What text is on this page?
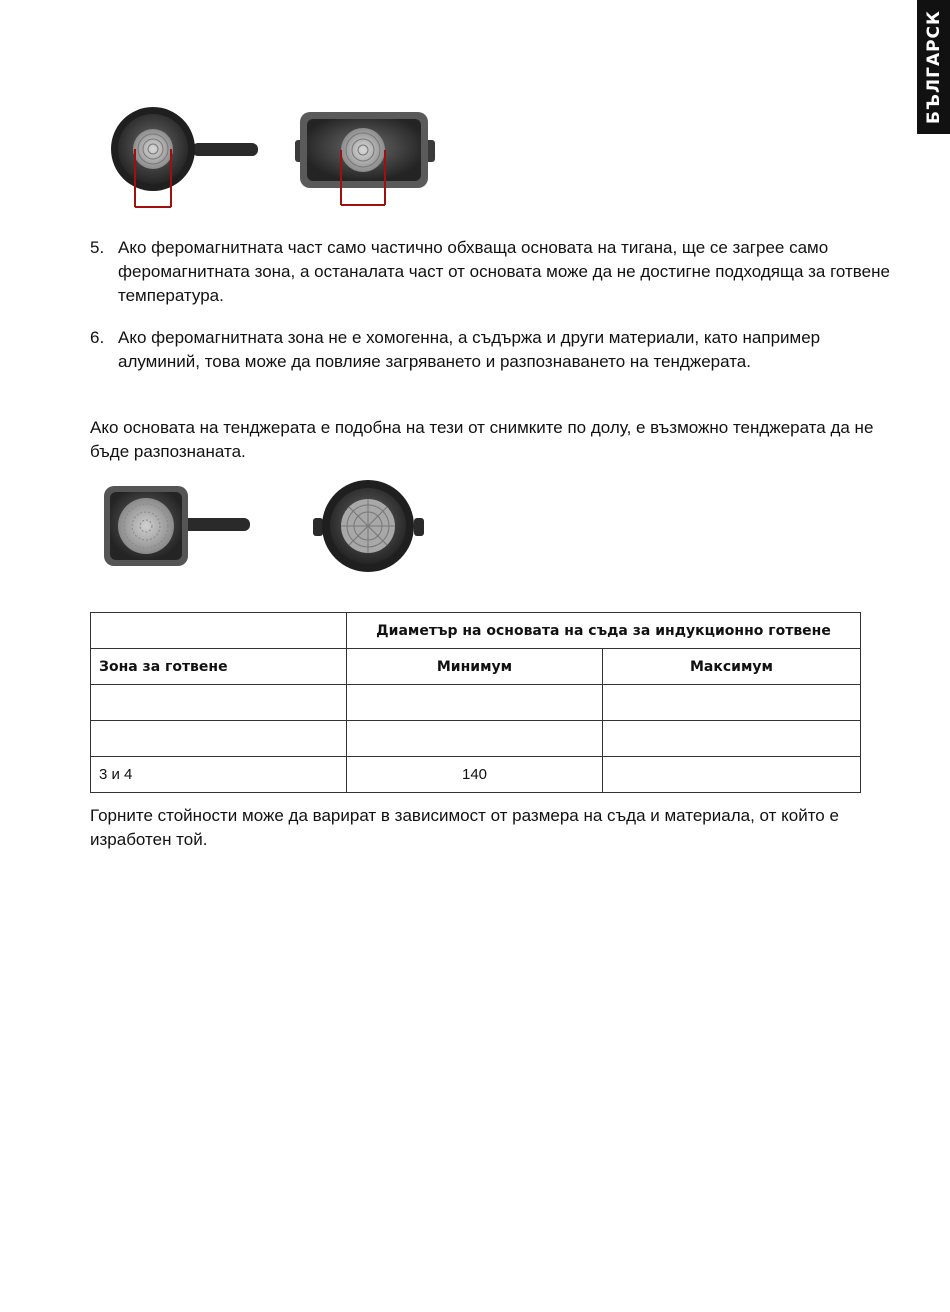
БЪЛГАРСК
5. Ако феромагнитната част само частично обхваща основата на тигана, ще се загрее само феромагнитната зона, а останалата част от основата може да не достигне подходяща за готвене температура.
6. Ако феромагнитната зона не е хомогенна, а съдържа и други материали, като например алуминий, това може да повлияе загряването и разпознаването на тенджерата.

Ако основата на тенджерата е подобна на тези от снимките по долу, е възможно тенджерата да не бъде разпознаната.

	Диаметър на основата на съда за индукционно готвене	
Зона за готвене	Минимум	Максимум

3 и 4	140	

Горните стойности може да варират в зависимост от размера на съда и материала, от който е изработен той.
